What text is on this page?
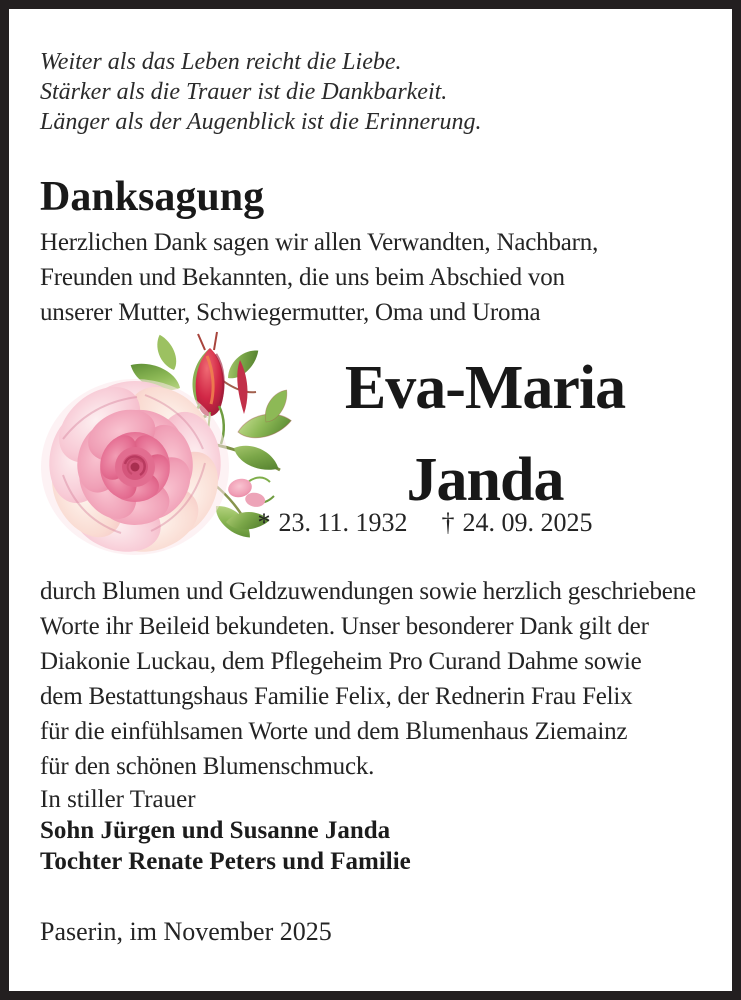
Weiter als das Leben reicht die Liebe.
Stärker als die Trauer ist die Dankbarkeit.
Länger als der Augenblick ist die Erinnerung.
Danksagung
Herzlichen Dank sagen wir allen Verwandten, Nachbarn,
Freunden und Bekannten, die uns beim Abschied von
unserer Mutter, Schwiegermutter, Oma und Uroma
Eva-Maria
Janda
* 23. 11. 1932 † 24. 09. 2025
durch Blumen und Geldzuwendungen sowie herzlich geschriebene
Worte ihr Beileid bekundeten. Unser besonderer Dank gilt der
Diakonie Luckau, dem Pflegeheim Pro Curand Dahme sowie
dem Bestattungshaus Familie Felix, der Rednerin Frau Felix
für die einfühlsamen Worte und dem Blumenhaus Ziemainz
für den schönen Blumenschmuck.
In stiller Trauer
Sohn Jürgen und Susanne Janda
Tochter Renate Peters und Familie
Paserin, im November 2025
